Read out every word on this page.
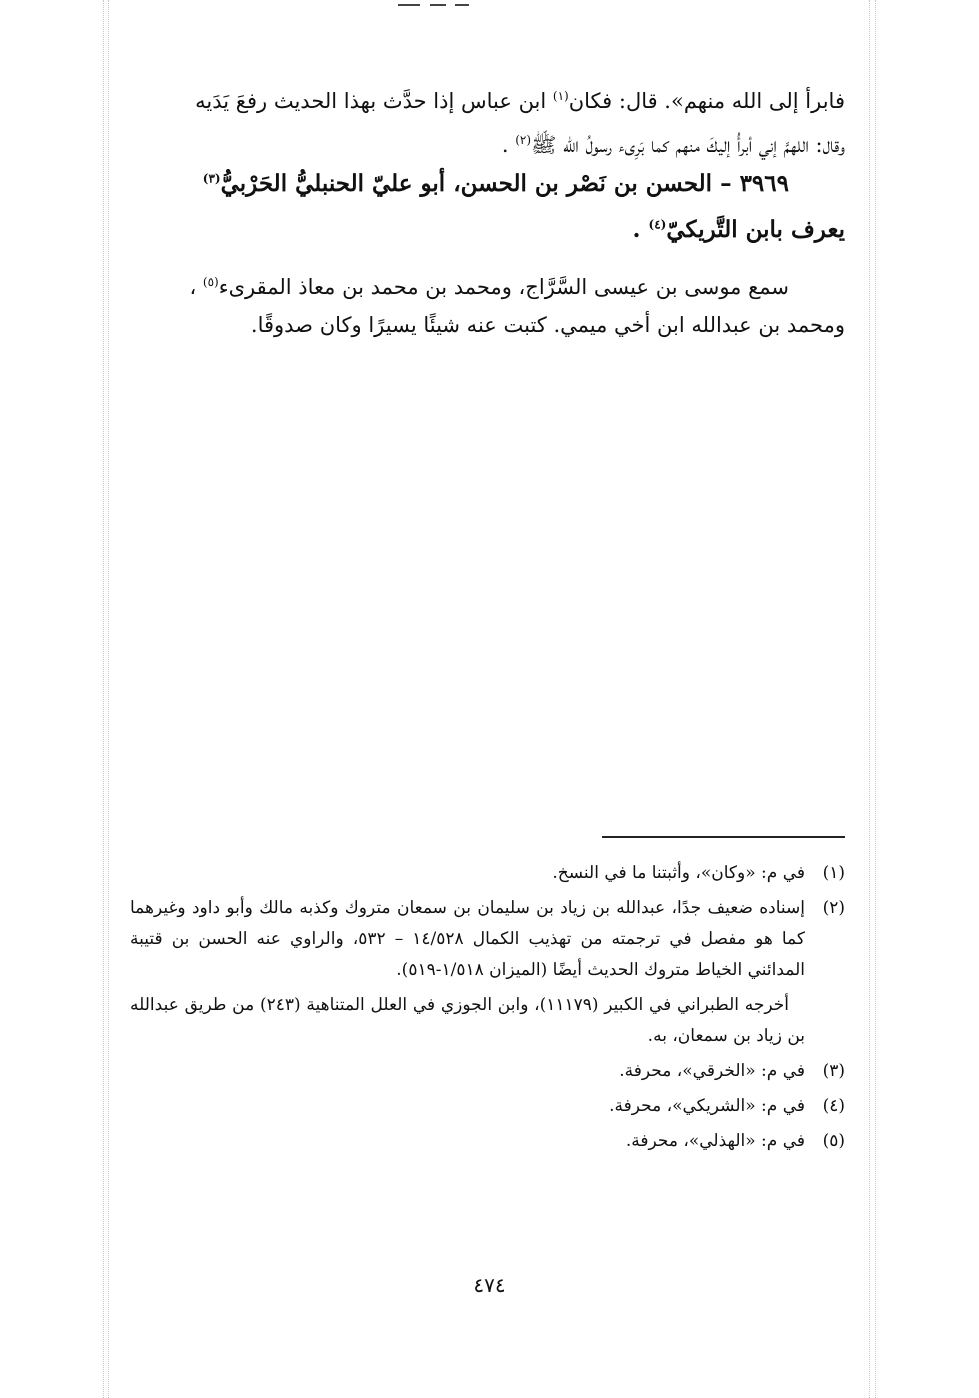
فابرأ إلى الله منهم». قال: فكان$^{(١)}$ ابن عباس إذا حدَّث بهذا الحديث رفعَ يَدَيه
وقال: اللهمَّ إني أبرأُ إليكَ منهم كما بَرِىء رسولُ الله ﷺ$^{(٢)}$ .
٣٩٦٩ – الحسن بن نَصْر بن الحسن، أبو عليّ الحنبليُّ الحَرْبيُّ$^{(٣)}$
يعرف بابن التَّريكيّ$^{(٤)}$ .
سمع موسى بن عيسى السَّرَّاج، ومحمد بن محمد بن معاذ المقرىء$^{(٥)}$ ،
ومحمد بن عبدالله ابن أخي ميمي. كتبت عنه شيئًا يسيرًا وكان صدوقًا.
(١)
في م: «وكان»، وأثبتنا ما في النسخ.
(٢)
إسناده ضعيف جدًا، عبدالله بن زياد بن سليمان بن سمعان متروك وكذبه مالك وأبو داود وغيرهما كما هو مفصل في ترجمته من تهذيب الكمال ١٤/٥٢٨ – ٥٣٢، والراوي عنه الحسن بن قتيبة المدائني الخياط متروك الحديث أيضًا (الميزان ١/٥١٨-٥١٩).
أخرجه الطبراني في الكبير (١١١٧٩)، وابن الجوزي في العلل المتناهية (٢٤٣) من طريق عبدالله بن زياد بن سمعان، به.
(٣)
في م: «الخرقي»، محرفة.
(٤)
في م: «الشريكي»، محرفة.
(٥)
في م: «الهذلي»، محرفة.
٤٧٤
